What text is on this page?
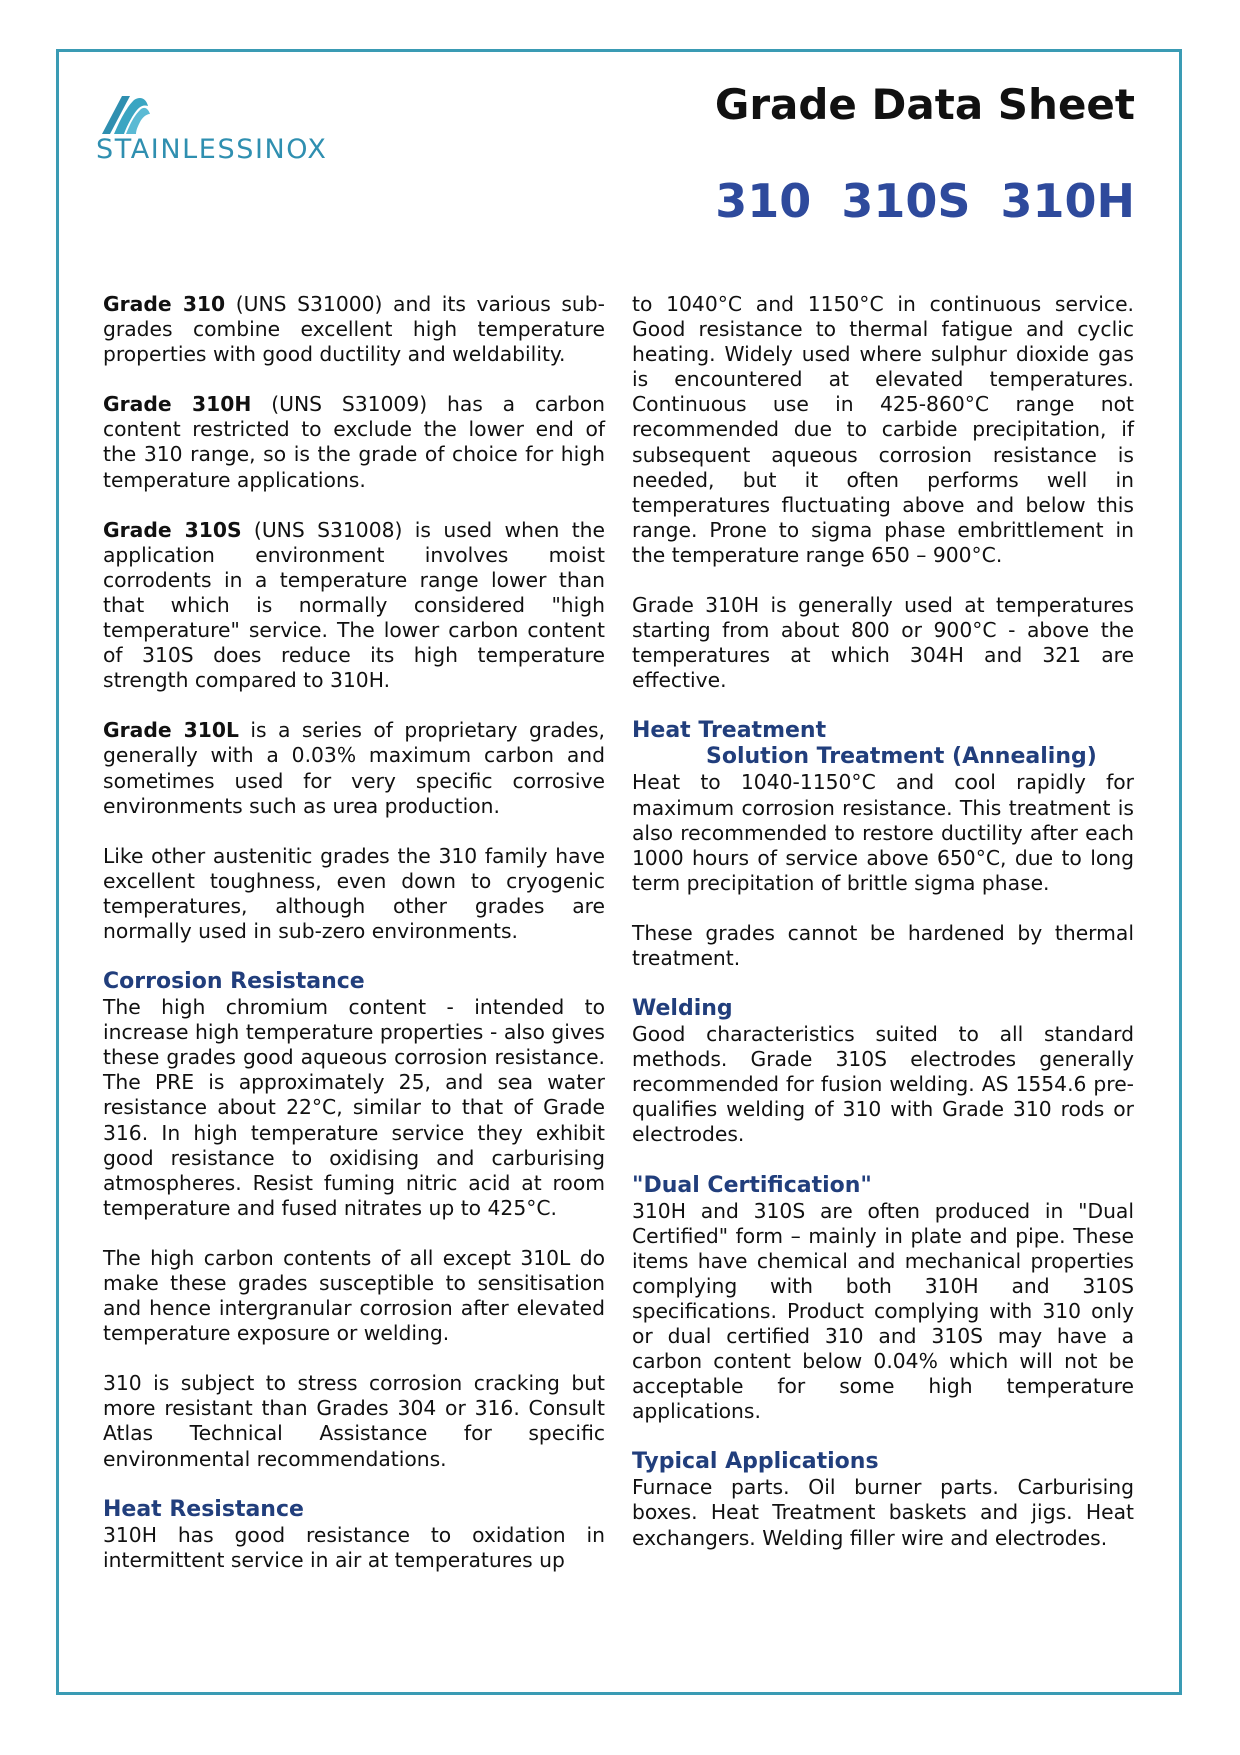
STAINLESSINOX
Grade Data Sheet
310 310S 310H

Grade 310 (UNS S31000) and its various sub-grades combine excellent high temperature properties with good ductility and weldability.

Grade 310H (UNS S31009) has a carbon content restricted to exclude the lower end of the 310 range, so is the grade of choice for high temperature applications.

Grade 310S (UNS S31008) is used when the application environment involves moist corrodents in a temperature range lower than that which is normally considered "high temperature" service. The lower carbon content of 310S does reduce its high temperature strength compared to 310H.

Grade 310L is a series of proprietary grades, generally with a 0.03% maximum carbon and sometimes used for very specific corrosive environments such as urea production.

Like other austenitic grades the 310 family have excellent toughness, even down to cryogenic temperatures, although other grades are normally used in sub-zero environments.

Corrosion Resistance

The high chromium content - intended to increase high temperature properties - also gives these grades good aqueous corrosion resistance. The PRE is approximately 25, and sea water resistance about 22°C, similar to that of Grade 316. In high temperature service they exhibit good resistance to oxidising and carburising atmospheres. Resist fuming nitric acid at room temperature and fused nitrates up to 425°C.

The high carbon contents of all except 310L do make these grades susceptible to sensitisation and hence intergranular corrosion after elevated temperature exposure or welding.

310 is subject to stress corrosion cracking but more resistant than Grades 304 or 316. Consult Atlas Technical Assistance for specific environmental recommendations.

Heat Resistance

310H has good resistance to oxidation in intermittent service in air at temperatures up

to 1040°C and 1150°C in continuous service. Good resistance to thermal fatigue and cyclic heating. Widely used where sulphur dioxide gas is encountered at elevated temperatures. Continuous use in 425-860°C range not recommended due to carbide precipitation, if subsequent aqueous corrosion resistance is needed, but it often performs well in temperatures fluctuating above and below this range. Prone to sigma phase embrittlement in the temperature range 650 – 900°C.

Grade 310H is generally used at temperatures starting from about 800 or 900°C - above the temperatures at which 304H and 321 are effective.

Heat Treatment
Solution Treatment (Annealing)

Heat to 1040-1150°C and cool rapidly for maximum corrosion resistance. This treatment is also recommended to restore ductility after each 1000 hours of service above 650°C, due to long term precipitation of brittle sigma phase.

These grades cannot be hardened by thermal treatment.

Welding

Good characteristics suited to all standard methods. Grade 310S electrodes generally recommended for fusion welding. AS 1554.6 pre-qualifies welding of 310 with Grade 310 rods or electrodes.

"Dual Certification"

310H and 310S are often produced in "Dual Certified" form – mainly in plate and pipe. These items have chemical and mechanical properties complying with both 310H and 310S specifications. Product complying with 310 only or dual certified 310 and 310S may have a carbon content below 0.04% which will not be acceptable for some high temperature applications.

Typical Applications

Furnace parts. Oil burner parts. Carburising boxes. Heat Treatment baskets and jigs. Heat exchangers. Welding filler wire and electrodes.
